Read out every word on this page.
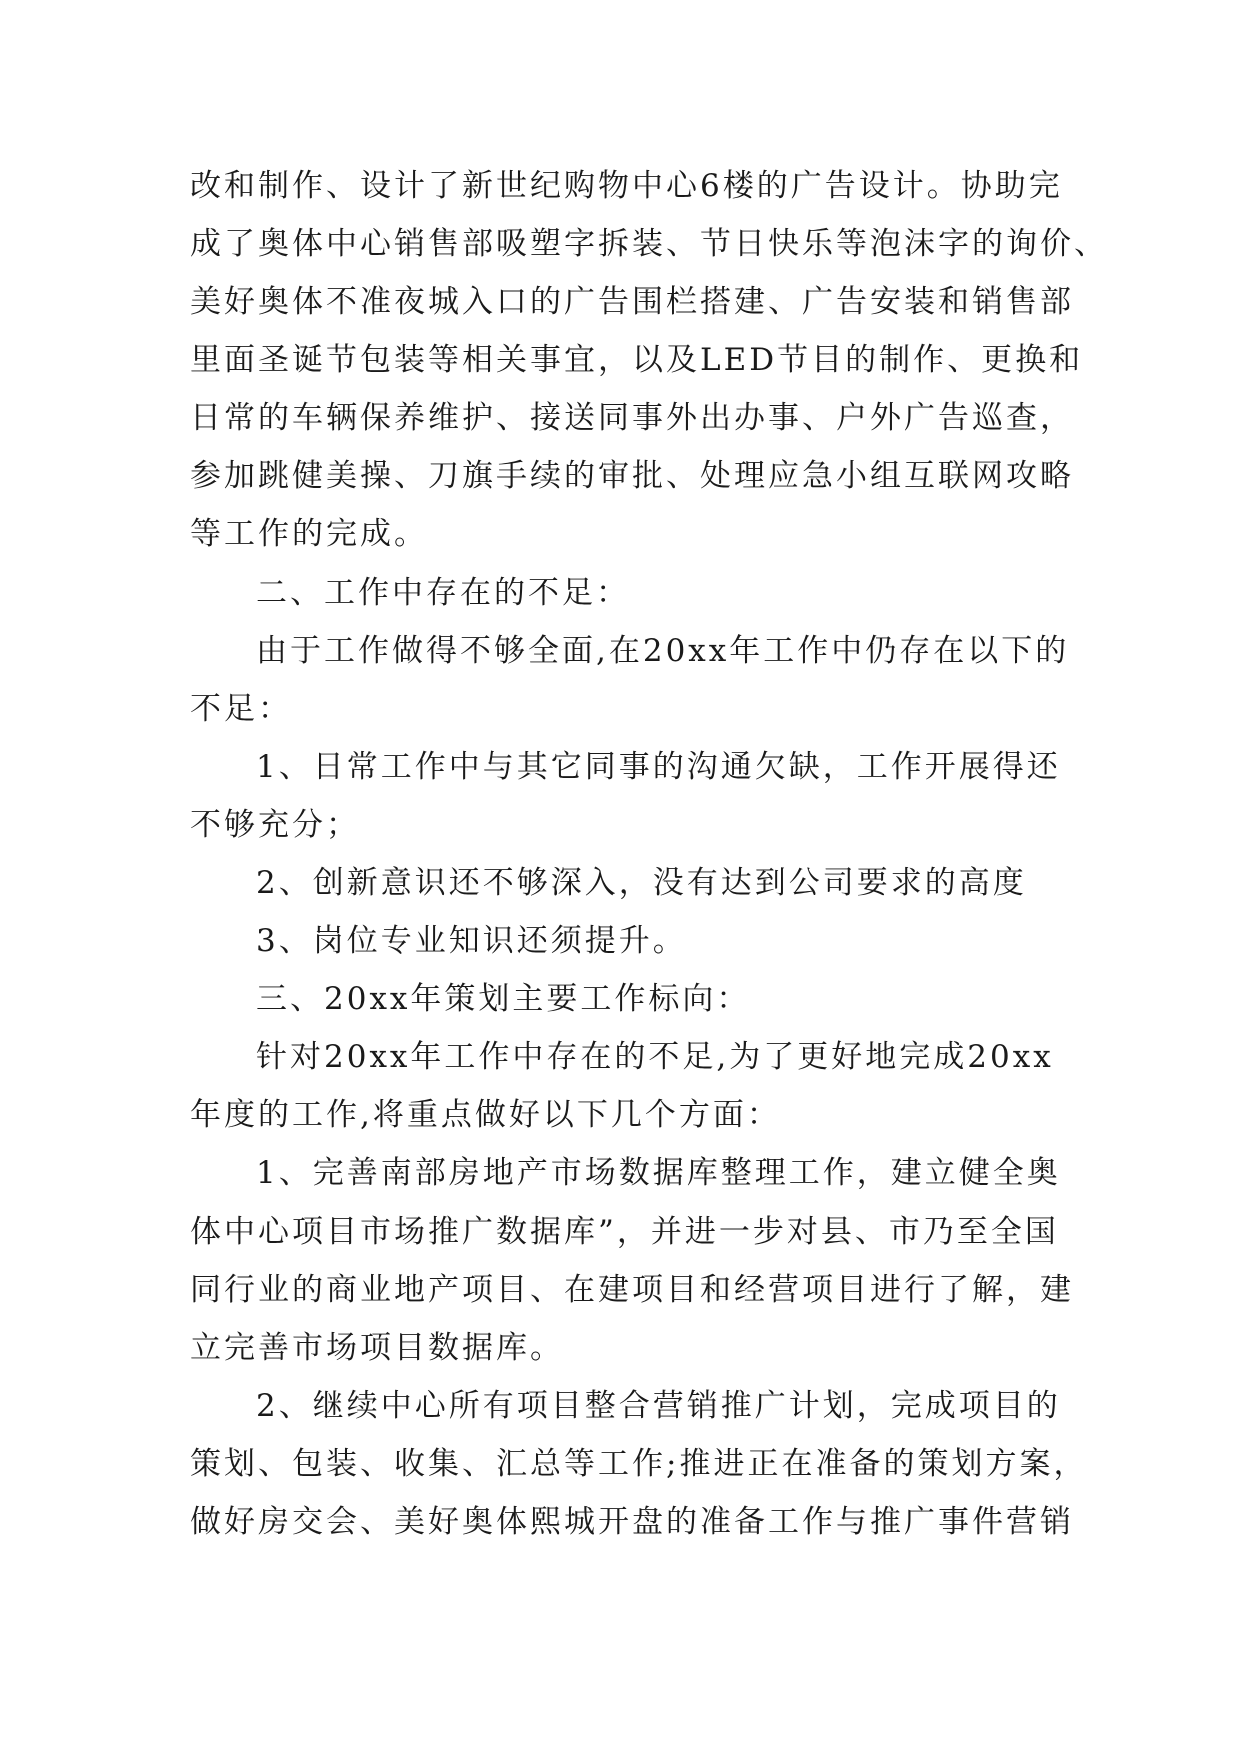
改和制作、设计了新世纪购物中心6楼的广告设计。协助完
成了奥体中心销售部吸塑字拆装、节日快乐等泡沫字的询价、
美好奥体不准夜城入口的广告围栏搭建、广告安装和销售部
里面圣诞节包装等相关事宜，以及LED节目的制作、更换和
日常的车辆保养维护、接送同事外出办事、户外广告巡查，
参加跳健美操、刀旗手续的审批、处理应急小组互联网攻略
等工作的完成。
二、工作中存在的不足：
由于工作做得不够全面,在20xx年工作中仍存在以下的
不足：
1、日常工作中与其它同事的沟通欠缺，工作开展得还
不够充分；
2、创新意识还不够深入，没有达到公司要求的高度
3、岗位专业知识还须提升。
三、20xx年策划主要工作标向：
针对20xx年工作中存在的不足,为了更好地完成20xx
年度的工作,将重点做好以下几个方面：
1、完善南部房地产市场数据库整理工作，建立健全奥
体中心项目市场推广数据库”，并进一步对县、市乃至全国
同行业的商业地产项目、在建项目和经营项目进行了解，建
立完善市场项目数据库。
2、继续中心所有项目整合营销推广计划，完成项目的
策划、包装、收集、汇总等工作;推进正在准备的策划方案，
做好房交会、美好奥体熙城开盘的准备工作与推广事件营销
